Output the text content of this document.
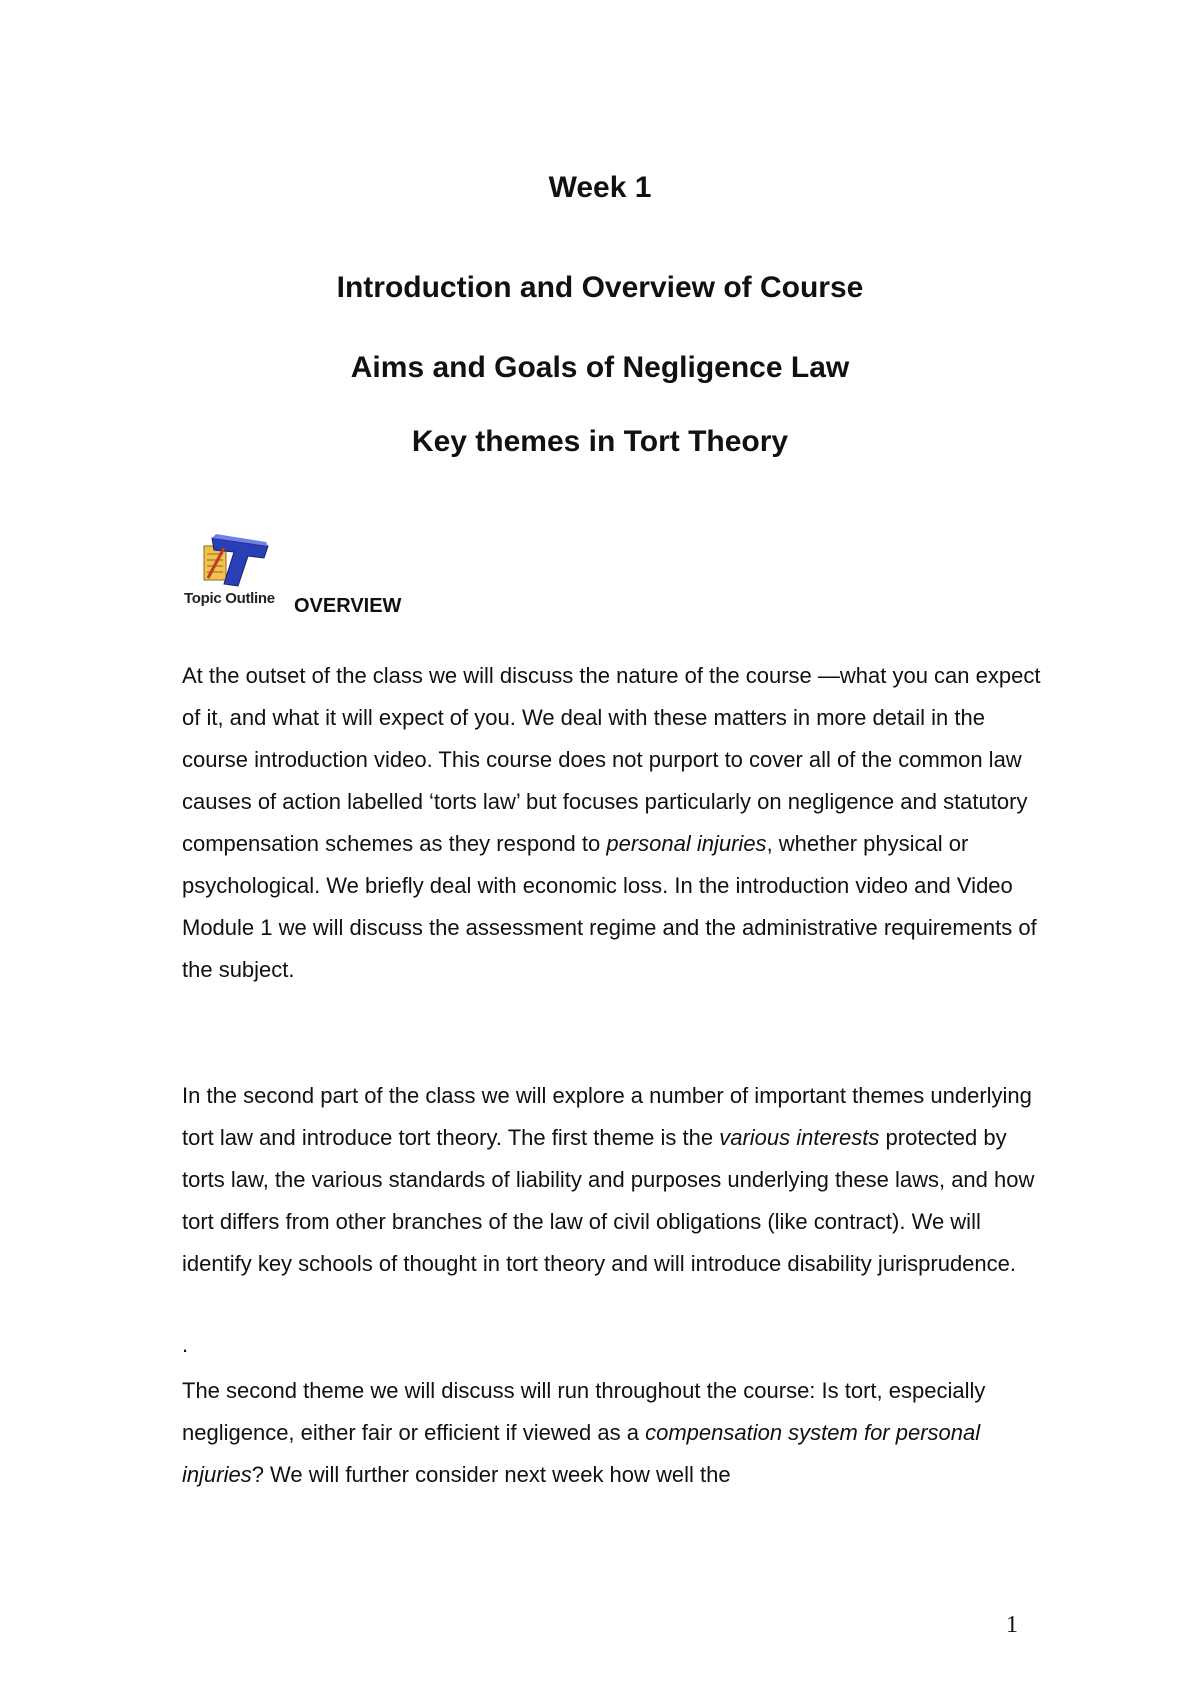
Week 1
Introduction and Overview of Course
Aims and Goals of Negligence Law
Key themes in Tort Theory
Topic Outline OVERVIEW

At the outset of the class we will discuss the nature of the course —what you can expect of it, and what it will expect of you. We deal with these matters in more detail in the course introduction video. This course does not purport to cover all of the common law causes of action labelled ‘torts law’ but focuses particularly on negligence and statutory compensation schemes as they respond to personal injuries, whether physical or psychological. We briefly deal with economic loss. In the introduction video and Video Module 1 we will discuss the assessment regime and the administrative requirements of the subject.

In the second part of the class we will explore a number of important themes underlying tort law and introduce tort theory. The first theme is the various interests protected by torts law, the various standards of liability and purposes underlying these laws, and how tort differs from other branches of the law of civil obligations (like contract). We will identify key schools of thought in tort theory and will introduce disability jurisprudence.

.

The second theme we will discuss will run throughout the course: Is tort, especially negligence, either fair or efficient if viewed as a compensation system for personal injuries? We will further consider next week how well the

1
